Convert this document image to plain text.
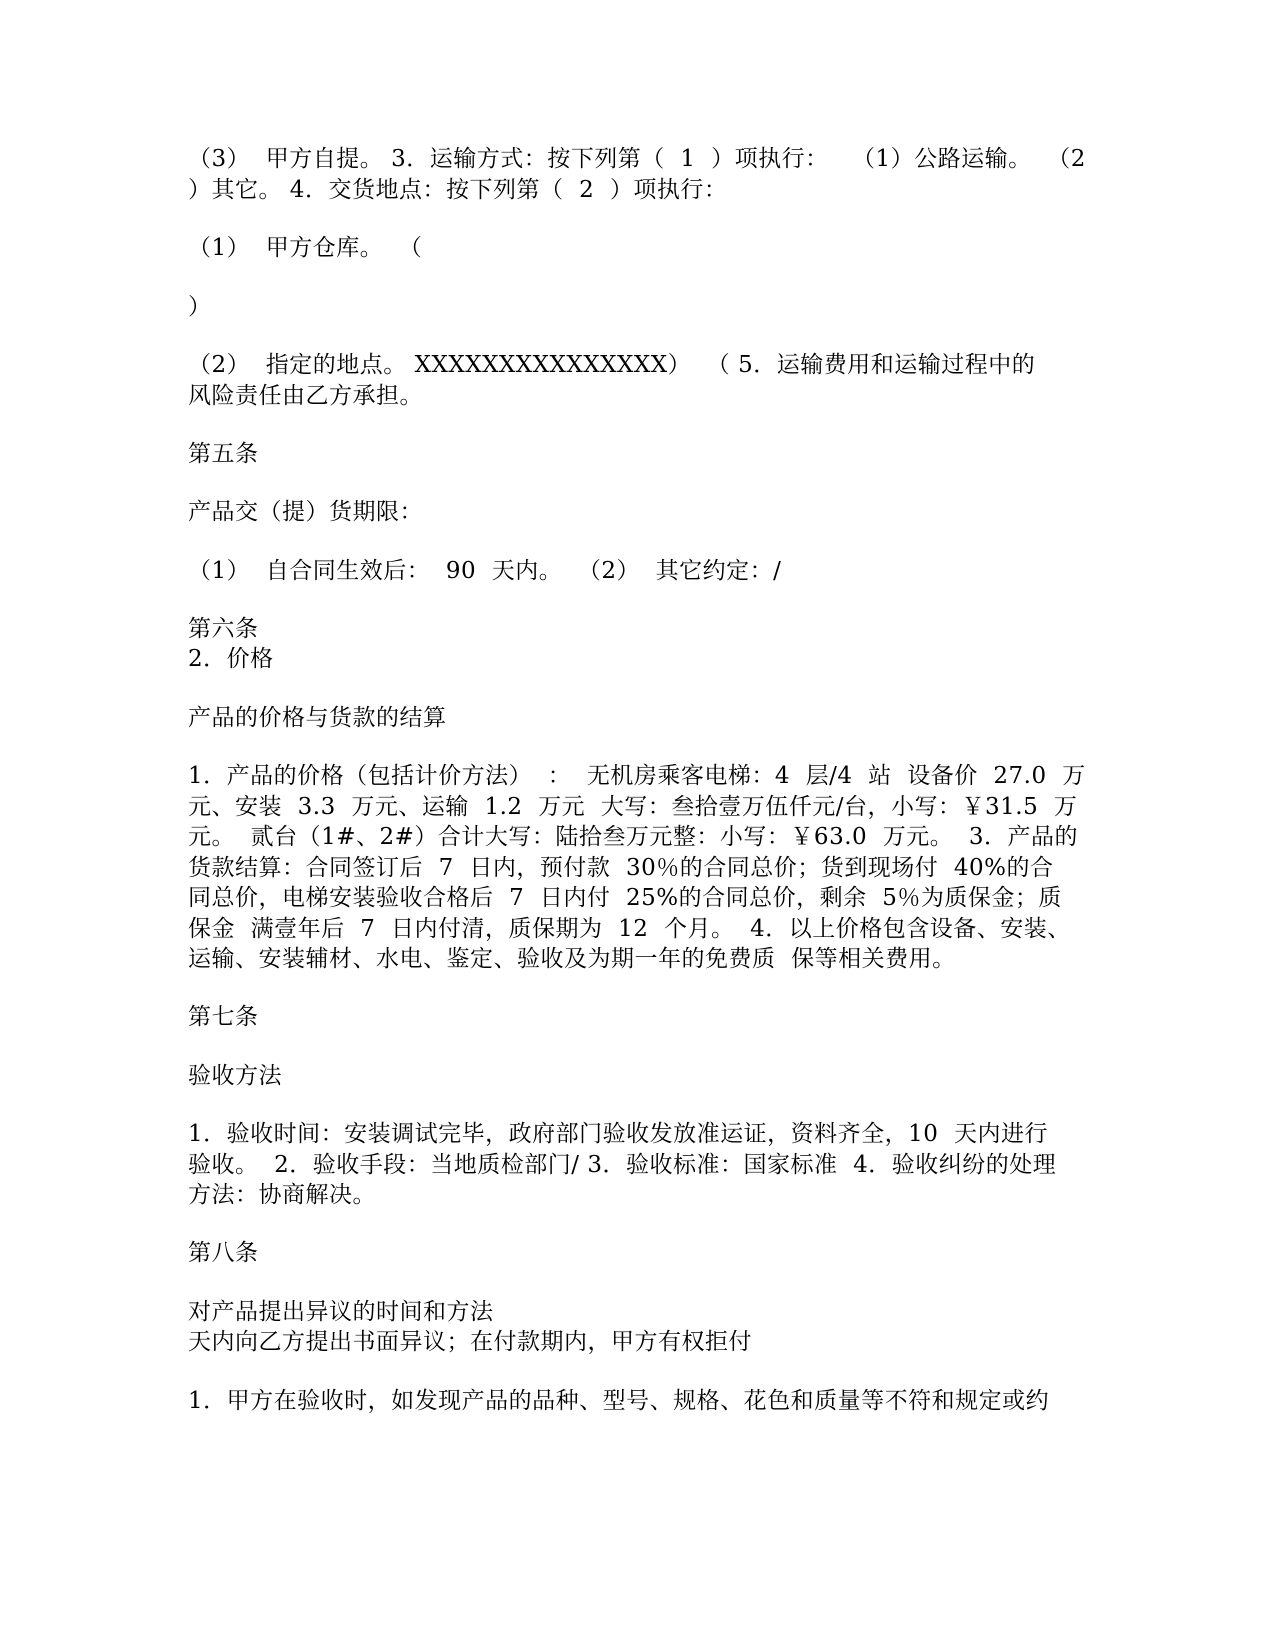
（3）  甲方自提。 3．运输方式：按下列第（  1  ）项执行：   （1）公路运输。  （2
）其它。 4．交货地点：按下列第（  2  ）项执行：
（1）  甲方仓库。  （
）
（2）  指定的地点。 XXXXXXXXXXXXXXX）  （ 5．运输费用和运输过程中的
风险责任由乙方承担。
第五条
产品交（提）货期限：
（1）  自合同生效后：  90  天内。  （2）  其它约定：/
第六条
2．价格
产品的价格与货款的结算
1．产品的价格（包括计价方法）  ：  无机房乘客电梯：4  层/4  站  设备价  27.0  万
元、安装  3.3  万元、运输  1.2  万元  大写：叁拾壹万伍仟元/台，小写：￥31.5  万
元。  贰台（1#、2#）合计大写：陆拾叁万元整：小写：￥63.0  万元。  3．产品的
货款结算：合同签订后  7  日内，预付款  30％的合同总价；货到现场付  40%的合
同总价，电梯安装验收合格后  7  日内付  25%的合同总价，剩余  5％为质保金；质
保金  满壹年后  7  日内付清，质保期为  12  个月。  4．以上价格包含设备、安装、
运输、安装辅材、水电、鉴定、验收及为期一年的免费质  保等相关费用。
第七条
验收方法
1．验收时间：安装调试完毕，政府部门验收发放准运证，资料齐全，10  天内进行
验收。  2．验收手段：当地质检部门/ 3．验收标准：国家标准  4．验收纠纷的处理
方法：协商解决。
第八条
对产品提出异议的时间和方法
天内向乙方提出书面异议；在付款期内，甲方有权拒付
1．甲方在验收时，如发现产品的品种、型号、规格、花色和质量等不符和规定或约
